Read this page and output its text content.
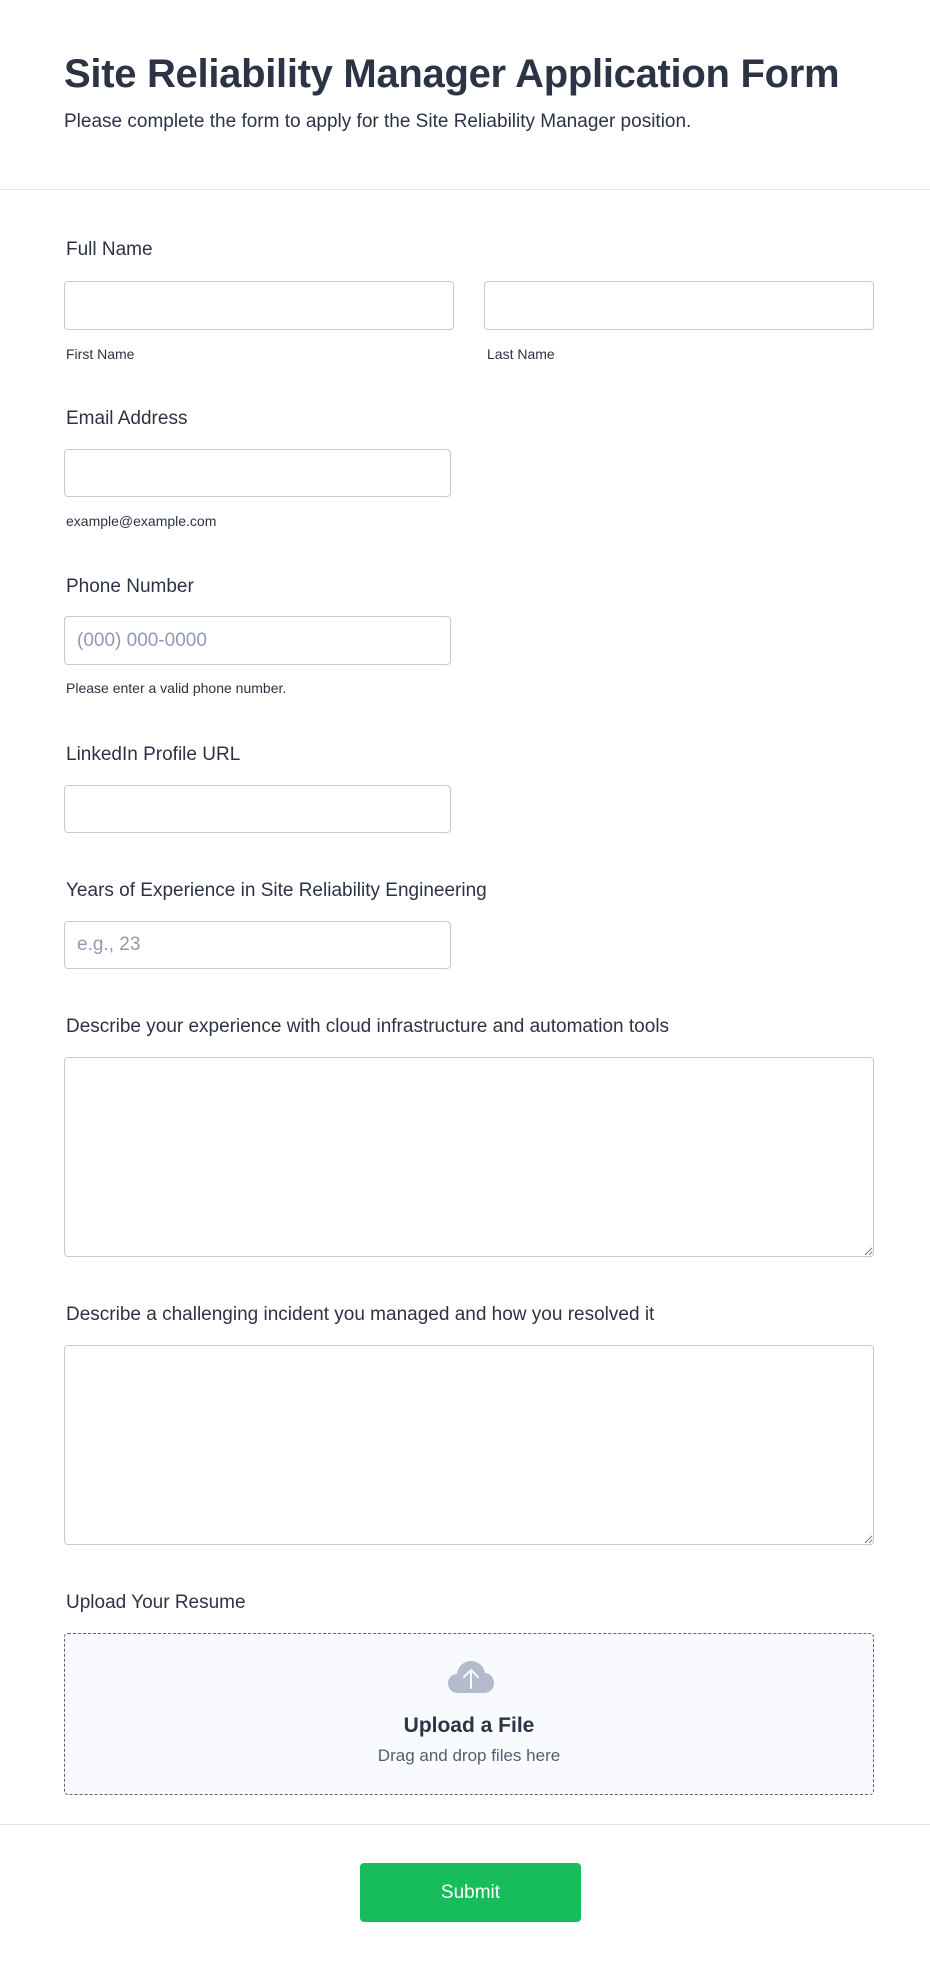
Site Reliability Manager Application Form
Please complete the form to apply for the Site Reliability Manager position.
Full Name
First Name	Last Name
Email Address
example@example.com
Phone Number
(000) 000-0000
Please enter a valid phone number.
LinkedIn Profile URL
Years of Experience in Site Reliability Engineering
e.g., 23
Describe your experience with cloud infrastructure and automation tools
Describe a challenging incident you managed and how you resolved it
Upload Your Resume
Upload a File
Drag and drop files here
Submit
